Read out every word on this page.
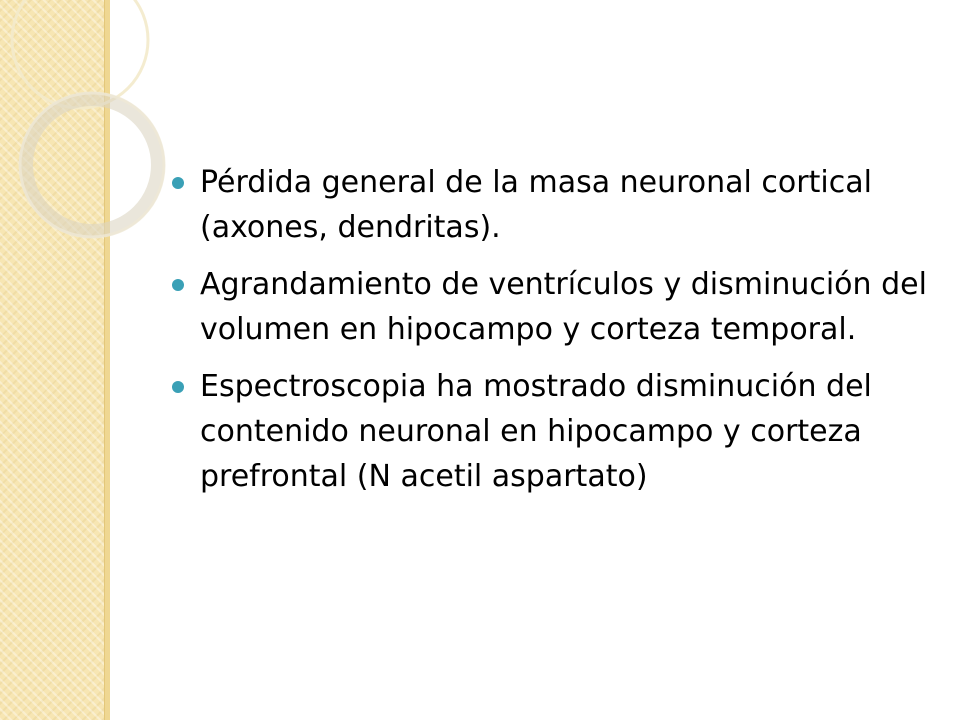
Pérdida general de la masa neuronal cortical (axones, dendritas).
Agrandamiento de ventrículos y disminución del volumen en hipocampo y corteza temporal.
Espectroscopia ha mostrado disminución del contenido neuronal en hipocampo y corteza prefrontal (N acetil aspartato)
